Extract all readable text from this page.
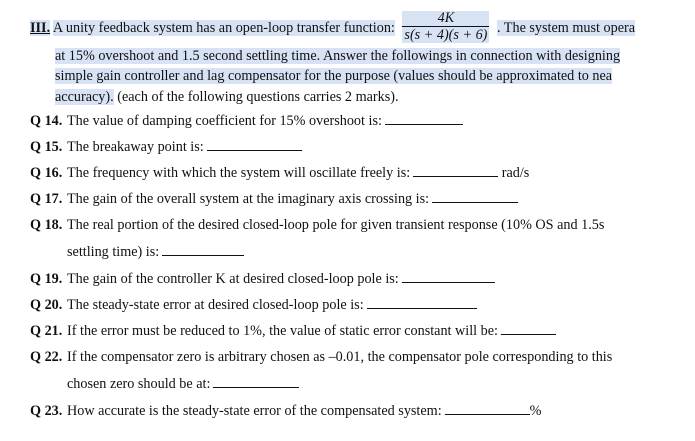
III. A unity feedback system has an open-loop transfer function: $\frac{4K}{s(s + 4)(s + 6)}$ . The system must opera
at 15% overshoot and 1.5 second settling time. Answer the followings in connection with designing
simple gain controller and lag compensator for the purpose (values should be approximated to nea
accuracy). (each of the following questions carries 2 marks).
Q 14. The value of damping coefficient for 15% overshoot is:
Q 15. The breakaway point is:
Q 16. The frequency with which the system will oscillate freely is:	rad/s
Q 17. The gain of the overall system at the imaginary axis crossing is:
Q 18. The real portion of the desired closed-loop pole for given transient response (10% OS and 1.5s
settling time) is:
Q 19. The gain of the controller K at desired closed-loop pole is:
Q 20. The steady-state error at desired closed-loop pole is:
Q 21. If the error must be reduced to 1%, the value of static error constant will be:
Q 22. If the compensator zero is arbitrary chosen as –0.01, the compensator pole corresponding to this
chosen zero should be at:
Q 23. How accurate is the steady-state error of the compensated system:	%
